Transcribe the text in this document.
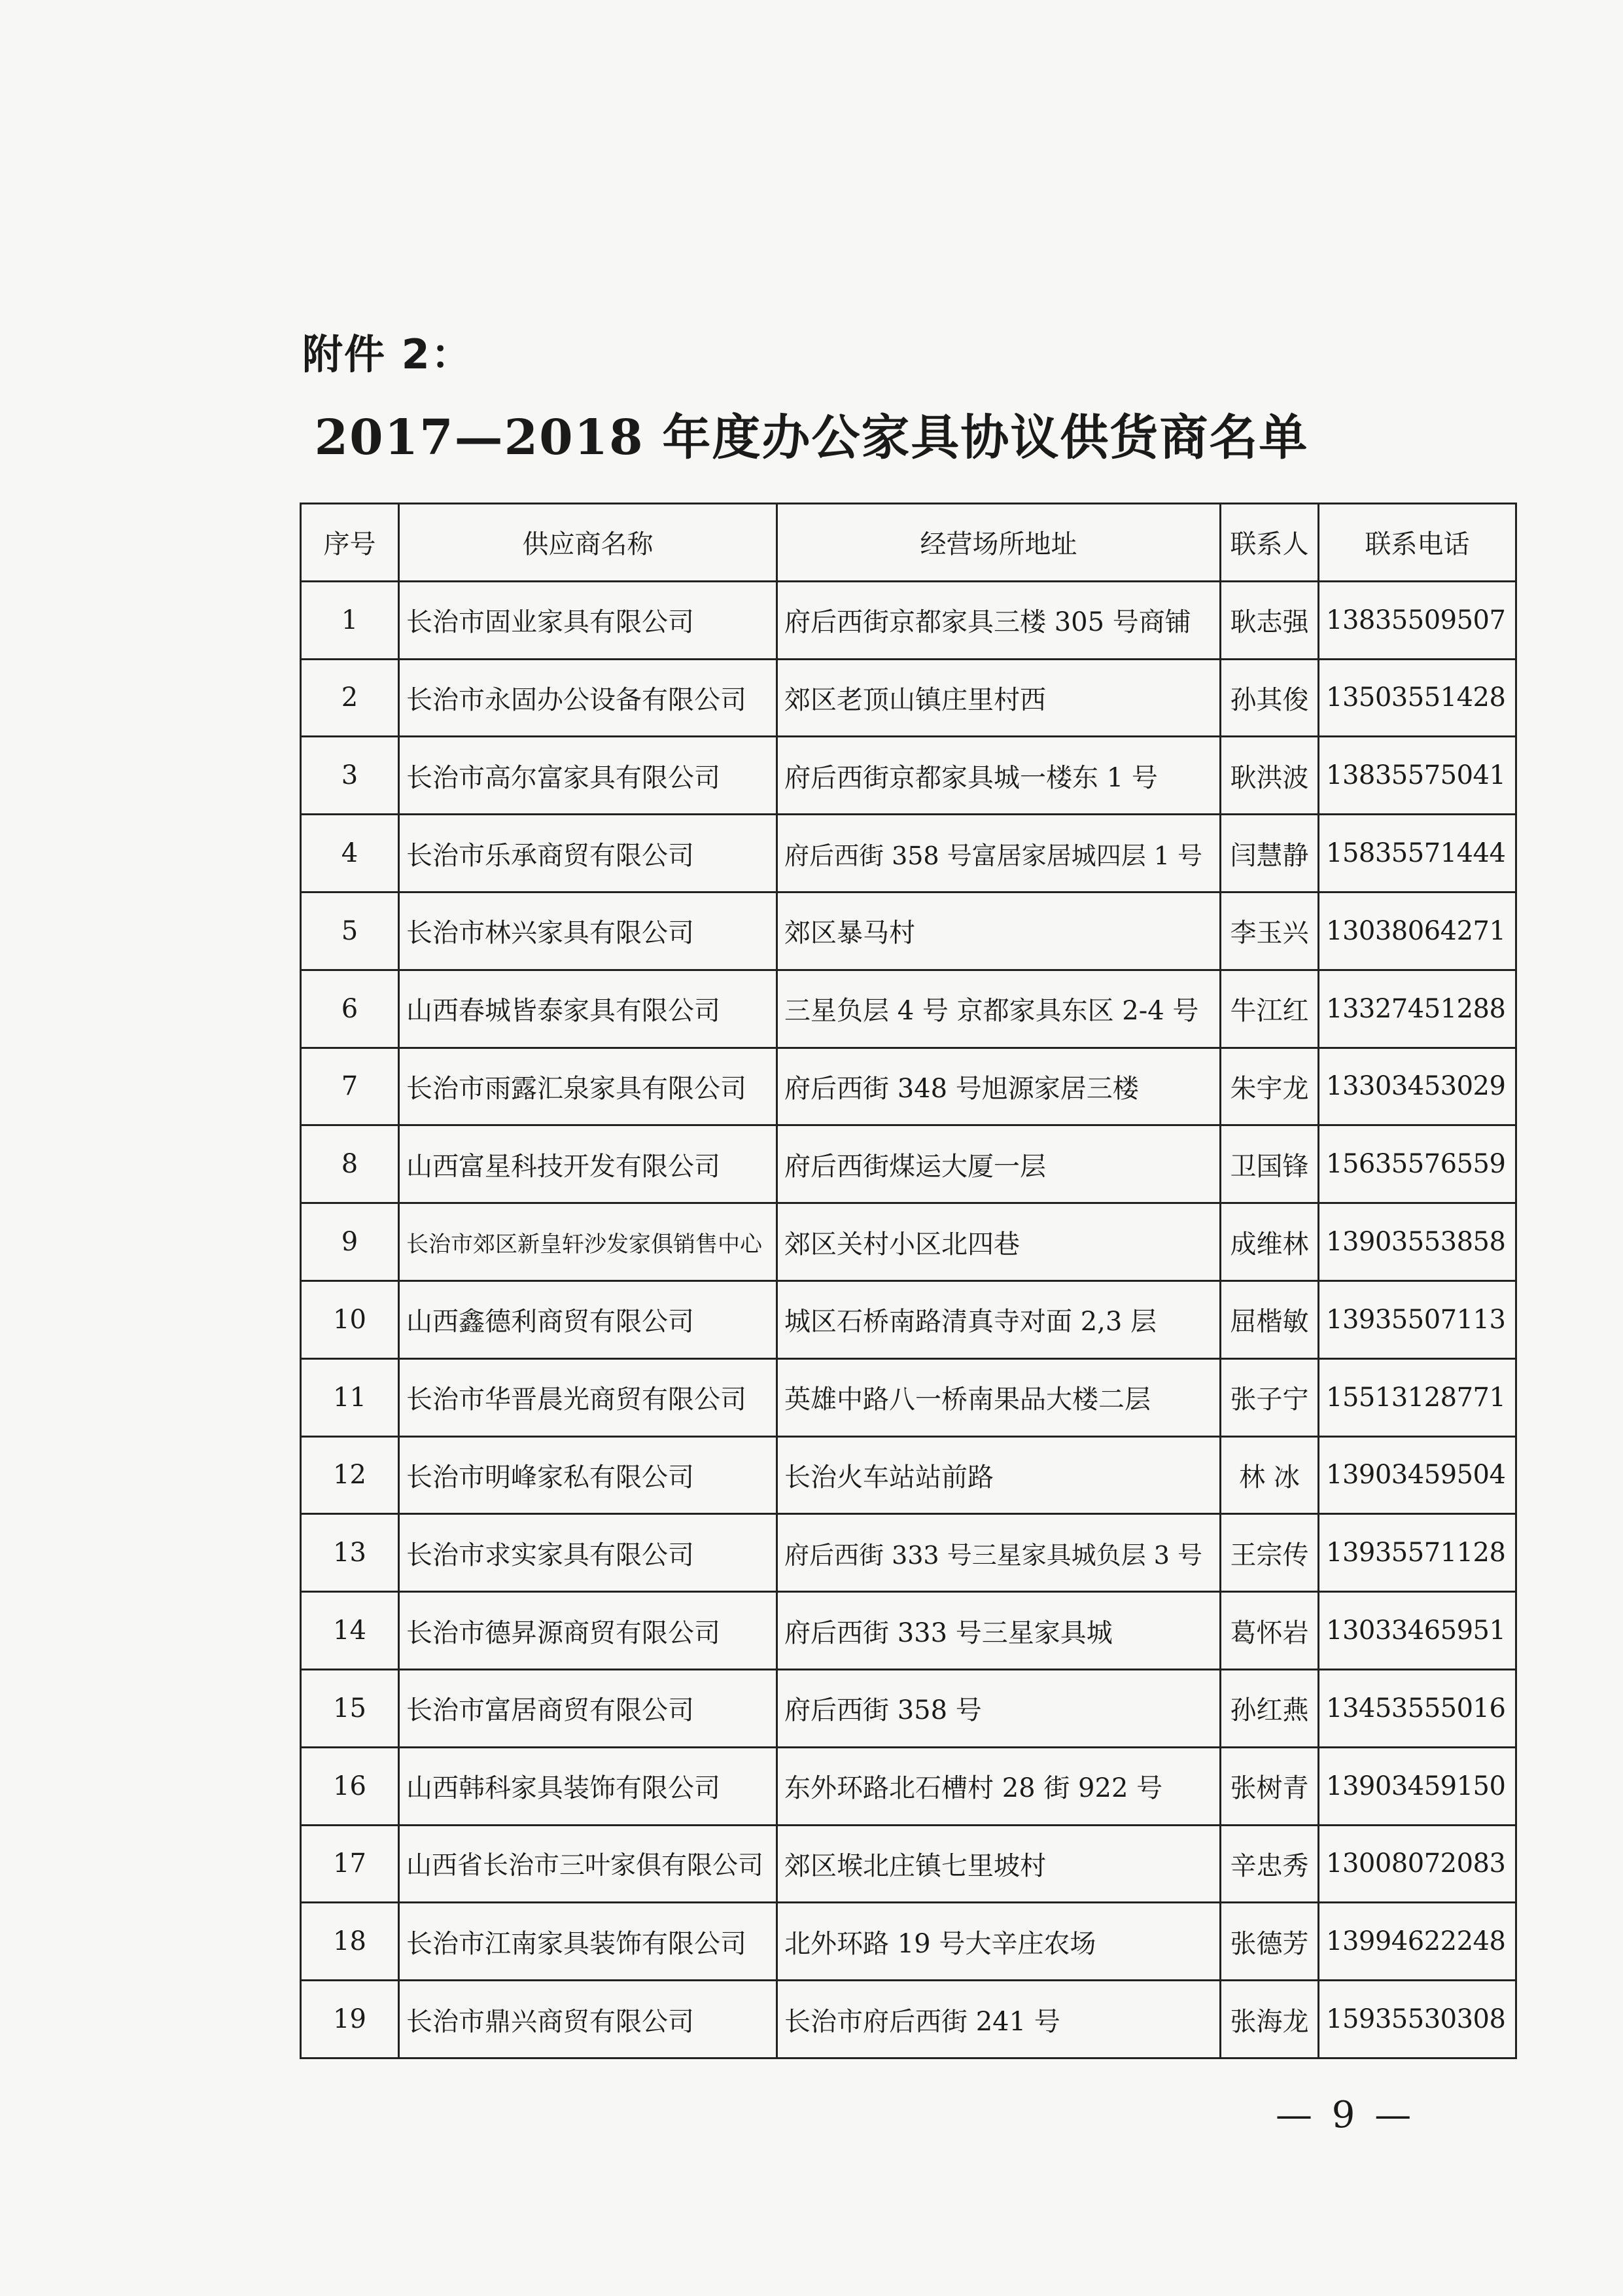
附件 2：
2017—2018 年度办公家具协议供货商名单
序号	供应商名称	经营场所地址	联系人	联系电话
1	长治市固业家具有限公司	府后西街京都家具三楼 305 号商铺	耿志强	13835509507
2	长治市永固办公设备有限公司	郊区老顶山镇庄里村西	孙其俊	13503551428
3	长治市高尔富家具有限公司	府后西街京都家具城一楼东 1 号	耿洪波	13835575041
4	长治市乐承商贸有限公司	府后西街 358 号富居家居城四层 1 号	闫慧静	15835571444
5	长治市林兴家具有限公司	郊区暴马村	李玉兴	13038064271
6	山西春城皆泰家具有限公司	三星负层 4 号 京都家具东区 2-4 号	牛江红	13327451288
7	长治市雨露汇泉家具有限公司	府后西街 348 号旭源家居三楼	朱宇龙	13303453029
8	山西富星科技开发有限公司	府后西街煤运大厦一层	卫国锋	15635576559
9	长治市郊区新皇轩沙发家俱销售中心	郊区关村小区北四巷	成维林	13903553858
10	山西鑫德利商贸有限公司	城区石桥南路清真寺对面 2,3 层	屈楷敏	13935507113
11	长治市华晋晨光商贸有限公司	英雄中路八一桥南果品大楼二层	张子宁	15513128771
12	长治市明峰家私有限公司	长治火车站站前路	林 冰	13903459504
13	长治市求实家具有限公司	府后西街 333 号三星家具城负层 3 号	王宗传	13935571128
14	长治市德昇源商贸有限公司	府后西街 333 号三星家具城	葛怀岩	13033465951
15	长治市富居商贸有限公司	府后西街 358 号	孙红燕	13453555016
16	山西韩科家具装饰有限公司	东外环路北石槽村 28 街 922 号	张树青	13903459150
17	山西省长治市三叶家俱有限公司	郊区堠北庄镇七里坡村	辛忠秀	13008072083
18	长治市江南家具装饰有限公司	北外环路 19 号大辛庄农场	张德芳	13994622248
19	长治市鼎兴商贸有限公司	长治市府后西街 241 号	张海龙	15935530308
— 9 —
